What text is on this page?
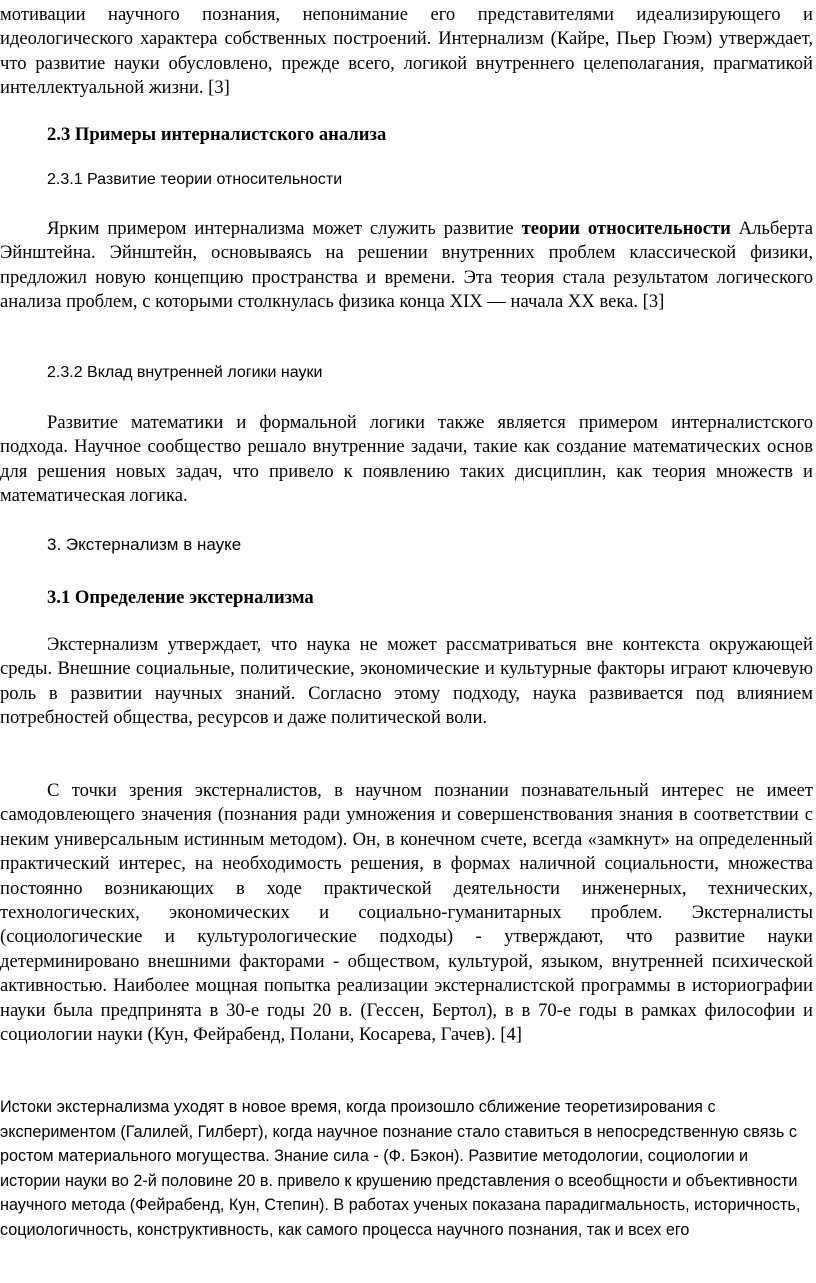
мотивации научного познания, непонимание его представителями идеализирующего и идеологического характера собственных построений. Интернализм (Кайре, Пьер Гюэм) утверждает, что развитие науки обусловлено, прежде всего, логикой внутреннего целеполагания, прагматикой интеллектуальной жизни. [3]

2.3 Примеры интерналистского анализа

2.3.1 Развитие теории относительности

Ярким примером интернализма может служить развитие теории относительности Альберта Эйнштейна. Эйнштейн, основываясь на решении внутренних проблем классической физики, предложил новую концепцию пространства и времени. Эта теория стала результатом логического анализа проблем, с которыми столкнулась физика конца XIX — начала XX века. [3]

2.3.2 Вклад внутренней логики науки

Развитие математики и формальной логики также является примером интерналистского подхода. Научное сообщество решало внутренние задачи, такие как создание математических основ для решения новых задач, что привело к появлению таких дисциплин, как теория множеств и математическая логика.

3. Экстернализм в науке

3.1 Определение экстернализма

Экстернализм утверждает, что наука не может рассматриваться вне контекста окружающей среды. Внешние социальные, политические, экономические и культурные факторы играют ключевую роль в развитии научных знаний. Согласно этому подходу, наука развивается под влиянием потребностей общества, ресурсов и даже политической воли.

С точки зрения экстерналистов, в научном познании познавательный интерес не имеет самодовлеющего значения (познания ради умножения и совершенствования знания в соответствии с неким универсальным истинным методом). Он, в конечном счете, всегда «замкнут» на определенный практический интерес, на необходимость решения, в формах наличной социальности, множества постоянно возникающих в ходе практической деятельности инженерных, технических, технологических, экономических и социально-гуманитарных проблем. Экстерналисты (социологические и культурологические подходы) - утверждают, что развитие науки детерминировано внешними факторами - обществом, культурой, языком, внутренней психической активностью. Наиболее мощная попытка реализации экстерналистской программы в историографии науки была предпринята в 30-е годы 20 в. (Гессен, Бертол), в в 70-е годы в рамках философии и социологии науки (Кун, Фейрабенд, Полани, Косарева, Гачев). [4]

Истоки экстернализма уходят в новое время, когда произошло сближение теоретизирования с экспериментом (Галилей, Гилберт), когда научное познание стало ставиться в непосредственную связь с ростом материального могущества. Знание сила - (Ф. Бэкон). Развитие методологии, социологии и истории науки во 2-й половине 20 в. привело к крушению представления о всеобщности и объективности научного метода (Фейрабенд, Кун, Степин). В работах ученых показана парадигмальность, историчность, социологичность, конструктивность, как самого процесса научного познания, так и всех его
